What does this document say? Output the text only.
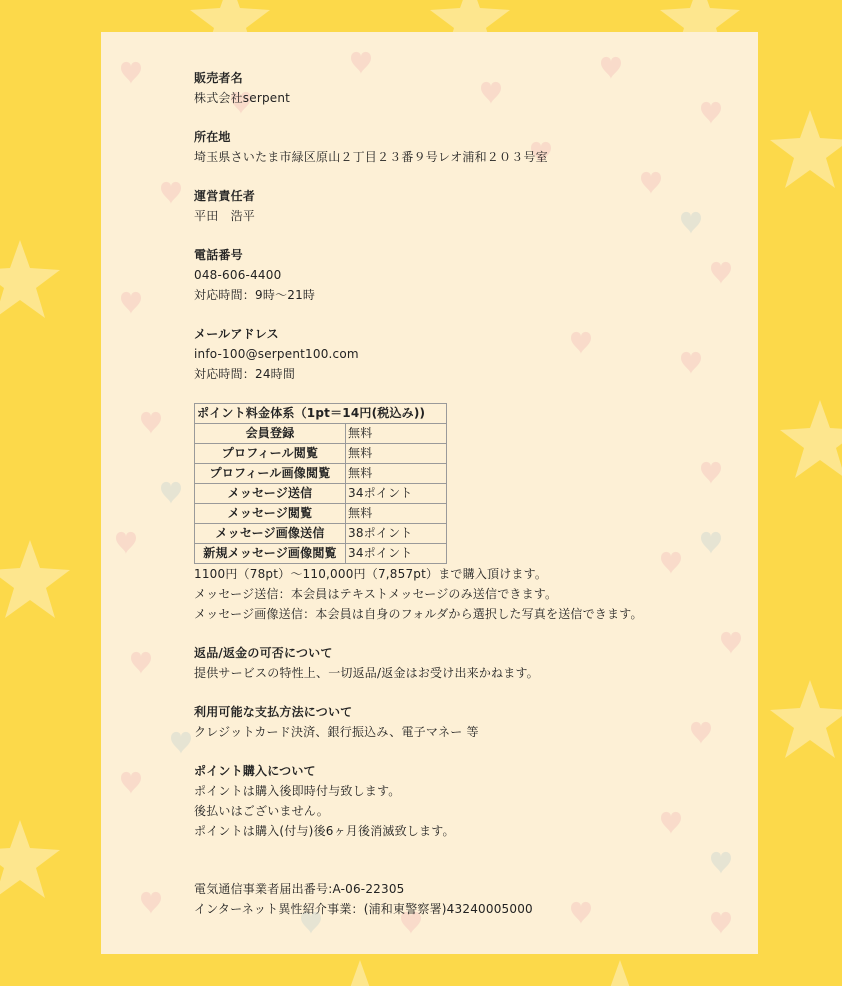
販売者名
株式会社serpent
所在地
埼玉県さいたま市緑区原山２丁目２３番９号レオ浦和２０３号室
運営責任者
平田　浩平
電話番号
048-606-4400
対応時間：9時〜21時
メールアドレス
info-100@serpent100.com
対応時間：24時間
ポイント料金体系（1pt＝14円(税込み))	
会員登録	無料
プロフィール閲覧	無料
プロフィール画像閲覧	無料
メッセージ送信	34ポイント
メッセージ閲覧	無料
メッセージ画像送信	38ポイント
新規メッセージ画像閲覧	34ポイント
1100円（78pt）〜110,000円（7,857pt）まで購入頂けます。
メッセージ送信：本会員はテキストメッセージのみ送信できます。
メッセージ画像送信：本会員は自身のフォルダから選択した写真を送信できます。
返品/返金の可否について
提供サービスの特性上、一切返品/返金はお受け出来かねます。
利用可能な支払方法について
クレジットカード決済、銀行振込み、電子マネー 等
ポイント購入について
ポイントは購入後即時付与致します。
後払いはございません。
ポイントは購入(付与)後6ヶ月後消滅致します。
電気通信事業者届出番号:A-06-22305
インターネット異性紹介事業：(浦和東警察署)43240005000
